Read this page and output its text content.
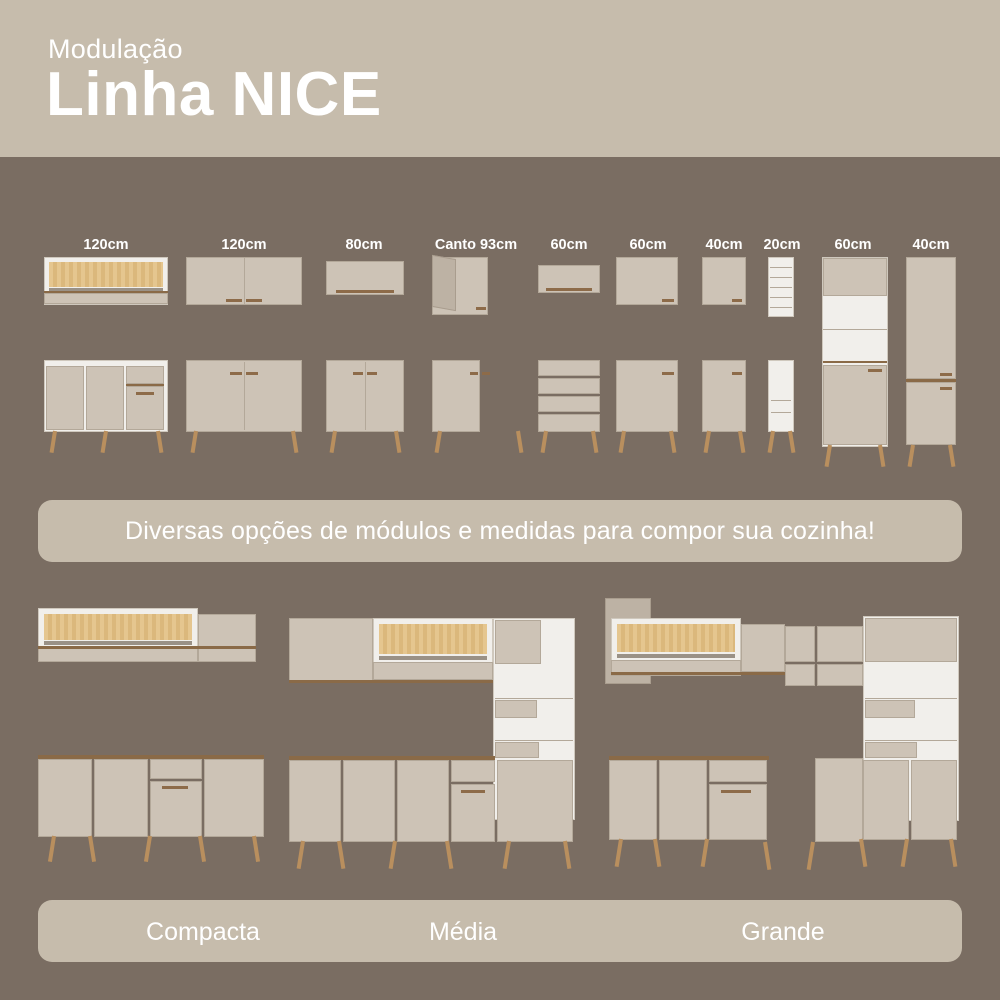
Modulação
Linha NICE
120cm	120cm	80cm	Canto 93cm	60cm	60cm	40cm	20cm	60cm	40cm
Diversas opções de módulos e medidas para compor sua cozinha!
Compacta	Média	Grande
